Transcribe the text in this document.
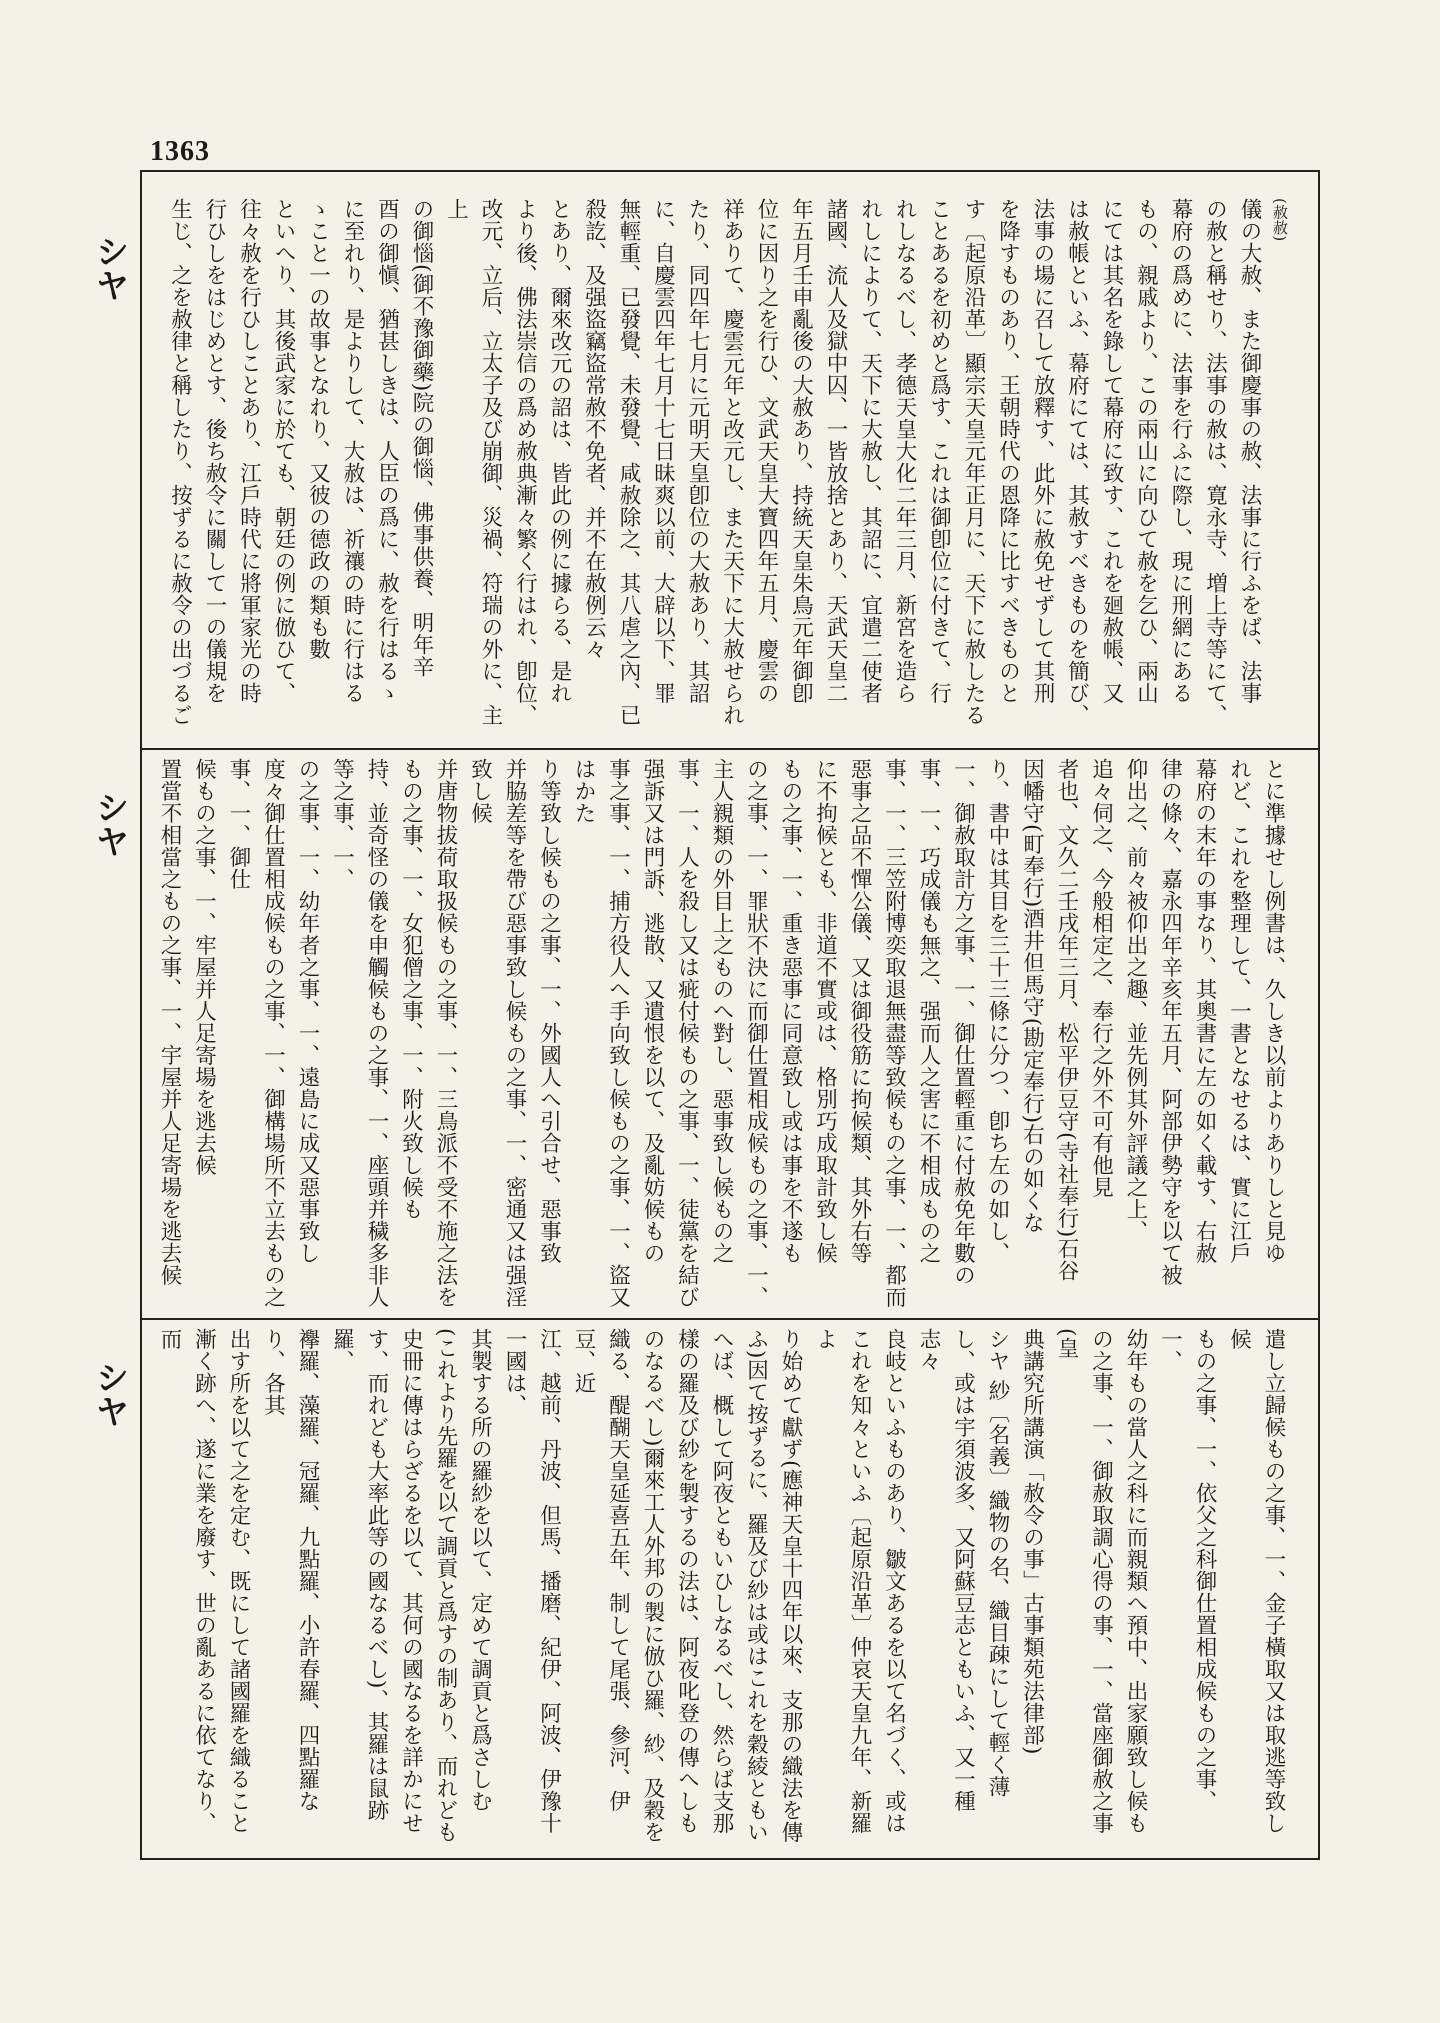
1363
シヤ
シヤ
シヤ

(赦赦)

儀の大赦、また御慶事の赦、法事に行ふをば、法事

の赦と稱せり、法事の赦は、寛永寺、増上寺等にて、

幕府の爲めに、法事を行ふに際し、現に刑網にある

もの、親戚より、この兩山に向ひて赦を乞ひ、兩山

にては其名を錄して幕府に致す、これを廻赦帳、又

は赦帳といふ、幕府にては、其赦すべきものを簡び、

法事の場に召して放釋す、此外に赦免せずして其刑

を降すものあり、王朝時代の恩降に比すべきものと

す〔起原沿革〕顯宗天皇元年正月に、天下に赦したる

ことあるを初めと爲す、これは御卽位に付きて、行

れしなるべし、孝德天皇大化二年三月、新宮を造ら

れしによりて、天下に大赦し、其詔に、宜遣二使者

諸國、流人及獄中囚、一皆放捨とあり、天武天皇二

年五月壬申亂後の大赦あり、持統天皇朱鳥元年御卽

位に因り之を行ひ、文武天皇大寶四年五月、慶雲の

祥ありて、慶雲元年と改元し、また天下に大赦せられ

たり、同四年七月に元明天皇卽位の大赦あり、其詔

に、自慶雲四年七月十七日昧爽以前、大辟以下、罪

無輕重、已發覺、未發覺、咸赦除之、其八虐之內、已

殺訖、及强盜竊盜常赦不免者、并不在赦例云々

とあり、爾來改元の詔は、皆此の例に據らる、是れ

より後、佛法崇信の爲め赦典漸々繁く行はれ、卽位、

改元、立后、立太子及び崩御、災禍、符瑞の外に、主上

の御惱(御不豫御藥)院の御惱、佛事供養、明年辛

酉の御愼、猶甚しきは、人臣の爲に、赦を行はるゝ

に至れり、是よりして、大赦は、祈禳の時に行はる

ゝこと一の故事となれり、又彼の德政の類も數

といへり、其後武家に於ても、朝廷の例に倣ひて、

往々赦を行ひしことあり、江戶時代に將軍家光の時

行ひしをはじめとす、後ち赦令に關して一の儀規を

生じ、之を赦律と稱したり、按ずるに赦令の出づるご

とに準據せし例書は、久しき以前よりありしと見ゆ

れど、これを整理して、一書となせるは、實に江戶

幕府の末年の事なり、其奧書に左の如く載す、右赦

律の條々、嘉永四年辛亥年五月、阿部伊勢守を以て被

仰出之、前々被仰出之趣、並先例其外評議之上、

追々伺之、今般相定之、奉行之外不可有他見

者也、文久二壬戌年三月、松平伊豆守(寺社奉行)石谷

因幡守(町奉行)酒井但馬守(勘定奉行)右の如くな

り、書中は其目を三十三條に分つ、卽ち左の如し、

一、御赦取計方之事、一、御仕置輕重に付赦免年數の

事、一、巧成儀も無之、强而人之害に不相成もの之

事、一、三笠附博奕取退無盡等致候もの之事、一、都而

惡事之品不憚公儀、又は御役筋に拘候類、其外右等

に不拘候とも、非道不實或は、格別巧成取計致し候

もの之事、一、重き惡事に同意致し或は事を不遂も

の之事、一、罪狀不決に而御仕置相成候もの之事、一、

主人親類の外目上之ものへ對し、惡事致し候もの之

事、一、人を殺し又は疵付候もの之事、一、徒黨を結び

强訴又は門訴、逃散、又遺恨を以て、及亂妨候もの

事之事、一、捕方役人へ手向致し候もの之事、一、盜又はかた

り等致し候もの之事、一、外國人へ引合せ、惡事致

并脇差等を帶び惡事致し候もの之事、一、密通又は强淫致し候

并唐物拔荷取扱候もの之事、一、三鳥派不受不施之法を

もの之事、一、女犯僧之事、一、附火致し候も

持、並奇怪の儀を申觸候もの之事、一、座頭并穢多非人等之事、一、

の之事、一、幼年者之事、一、遠島に成又惡事致し

度々御仕置相成候もの之事、一、御構場所不立去もの之事、一、御仕

候もの之事、一、牢屋并人足寄場を逃去候

置當不相當之もの之事、一、宇屋并人足寄場を逃去候

遣し立歸候もの之事、一、金子橫取又は取逃等致し候

もの之事、一、依父之科御仕置相成候もの之事、一、

幼年もの當人之科に而親類へ預中、出家願致し候も

の之事、一、御赦取調心得の事、一、當座御赦之事(皇

典講究所講演「赦令の事」古事類苑法律部)

シヤ 紗〔名義〕織物の名、織目疎にして輕く薄

し、或は宇須波多、又阿蘇豆志ともいふ、又一種志々

良岐といふものあり、皺文あるを以て名づく、或は

これを知々といふ〔起原沿革〕仲哀天皇九年、新羅よ

り始めて獻ず(應神天皇十四年以來、支那の織法を傳

ふ)因て按ずるに、羅及び紗は或はこれを穀綾ともい

へば、概して阿夜ともいひしなるべし、然らば支那

樣の羅及び紗を製するの法は、阿夜叱登の傳へしも

のなるべし)爾來工人外邦の製に倣ひ羅、紗、及穀を

織る、醍醐天皇延喜五年、制して尾張、參河、伊豆、近

江、越前、丹波、但馬、播磨、紀伊、阿波、伊豫十一國は、

其製する所の羅紗を以て、定めて調貢と爲さしむ

(これより先羅を以て調貢と爲すの制あり、而れども

史冊に傳はらざるを以て、其何の國なるを詳かにせ

す、而れども大率此等の國なるべし)、其羅は鼠跡羅、

襷羅、藻羅、冠羅、九點羅、小許春羅、四點羅なり、各其

出す所を以て之を定む、既にして諸國羅を織ること

漸く跡へ、遂に業を廢す、世の亂あるに依てなり、而
